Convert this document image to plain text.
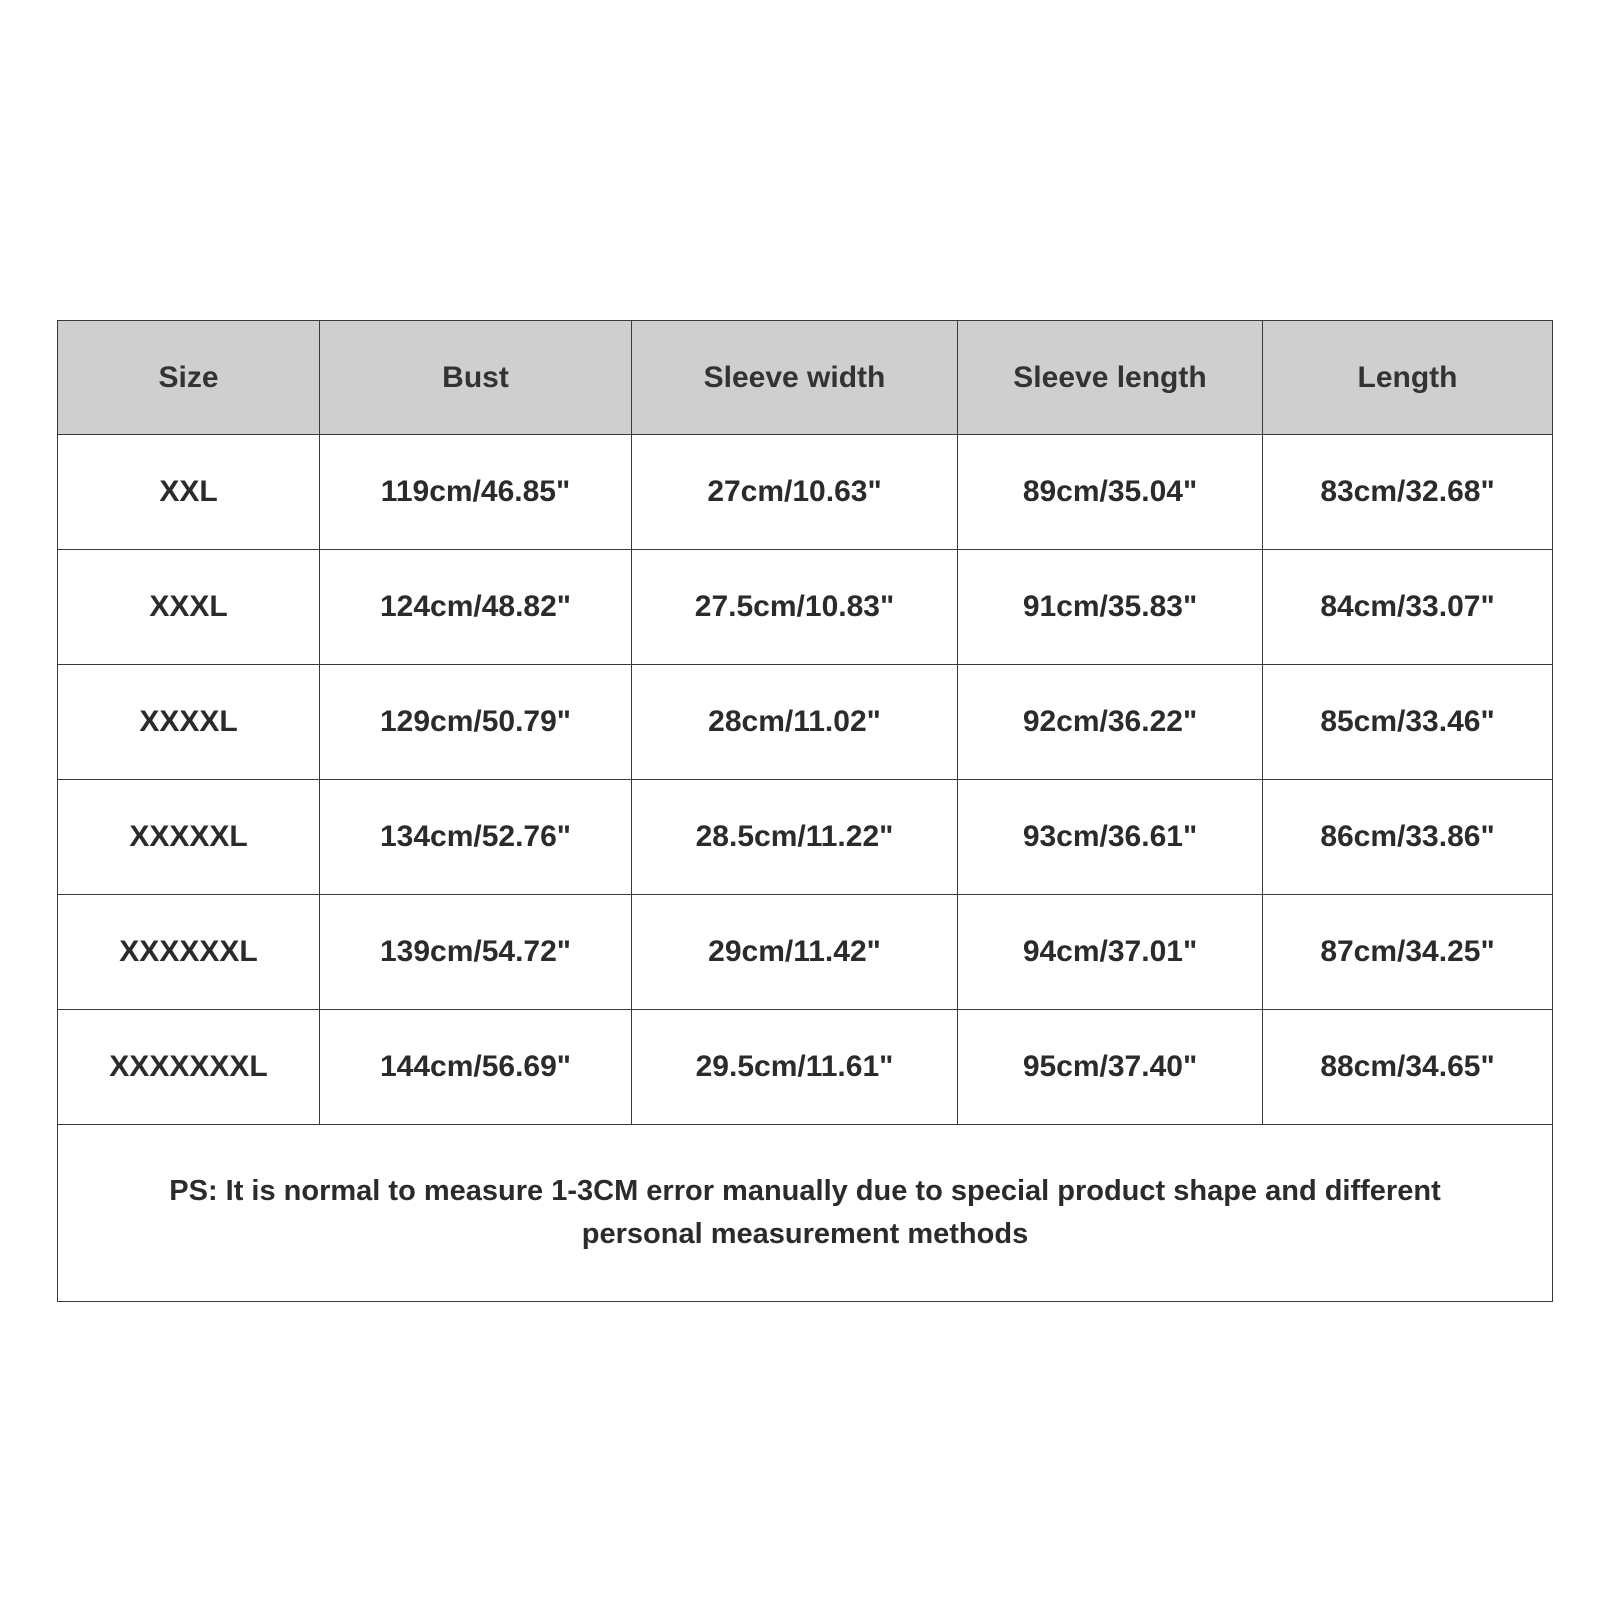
Size	Bust	Sleeve width	Sleeve length	Length
XXL	119cm/46.85"	27cm/10.63"	89cm/35.04"	83cm/32.68"
XXXL	124cm/48.82"	27.5cm/10.83"	91cm/35.83"	84cm/33.07"
XXXXL	129cm/50.79"	28cm/11.02"	92cm/36.22"	85cm/33.46"
XXXXXL	134cm/52.76"	28.5cm/11.22"	93cm/36.61"	86cm/33.86"
XXXXXXL	139cm/54.72"	29cm/11.42"	94cm/37.01"	87cm/34.25"
XXXXXXXL	144cm/56.69"	29.5cm/11.61"	95cm/37.40"	88cm/34.65"
PS: It is normal to measure 1-3CM error manually due to special product shape and different personal measurement methods				
